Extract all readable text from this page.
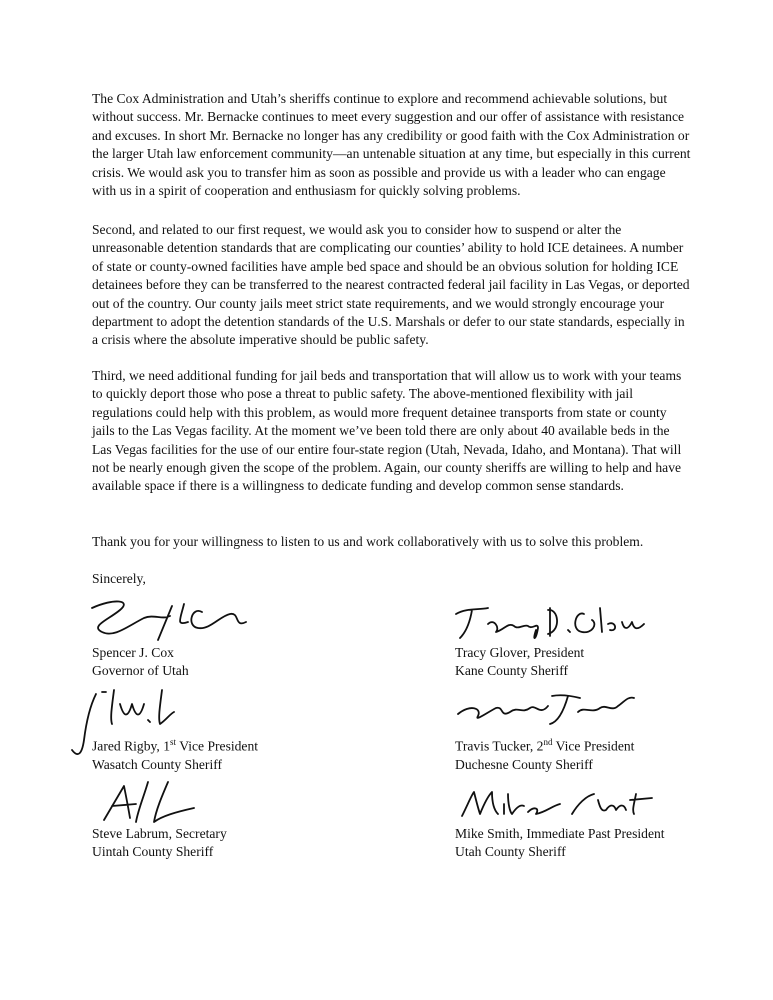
The Cox Administration and Utah’s sheriffs continue to explore and recommend achievable solutions, but without success. Mr. Bernacke continues to meet every suggestion and our offer of assistance with resistance and excuses. In short Mr. Bernacke no longer has any credibility or good faith with the Cox Administration or the larger Utah law enforcement community—an untenable situation at any time, but especially in this current crisis. We would ask you to transfer him as soon as possible and provide us with a leader who can engage with us in a spirit of cooperation and enthusiasm for quickly solving problems.

Second, and related to our first request, we would ask you to consider how to suspend or alter the unreasonable detention standards that are complicating our counties’ ability to hold ICE detainees. A number of state or county-owned facilities have ample bed space and should be an obvious solution for holding ICE detainees before they can be transferred to the nearest contracted federal jail facility in Las Vegas, or deported out of the country. Our county jails meet strict state requirements, and we would strongly encourage your department to adopt the detention standards of the U.S. Marshals or defer to our state standards, especially in a crisis where the absolute imperative should be public safety.

Third, we need additional funding for jail beds and transportation that will allow us to work with your teams to quickly deport those who pose a threat to public safety. The above-mentioned flexibility with jail regulations could help with this problem, as would more frequent detainee transports from state or county jails to the Las Vegas facility. At the moment we’ve been told there are only about 40 available beds in the Las Vegas facilities for the use of our entire four-state region (Utah, Nevada, Idaho, and Montana). That will not be nearly enough given the scope of the problem. Again, our county sheriffs are willing to help and have available space if there is a willingness to dedicate funding and develop common sense standards.

Thank you for your willingness to listen to us and work collaboratively with us to solve this problem.

Sincerely,
Spencer J. Cox
Governor of Utah
Tracy Glover, President
Kane County Sheriff
Jared Rigby, 1st Vice President
Wasatch County Sheriff
Travis Tucker, 2nd Vice President
Duchesne County Sheriff
Steve Labrum, Secretary
Uintah County Sheriff
Mike Smith, Immediate Past President
Utah County Sheriff
